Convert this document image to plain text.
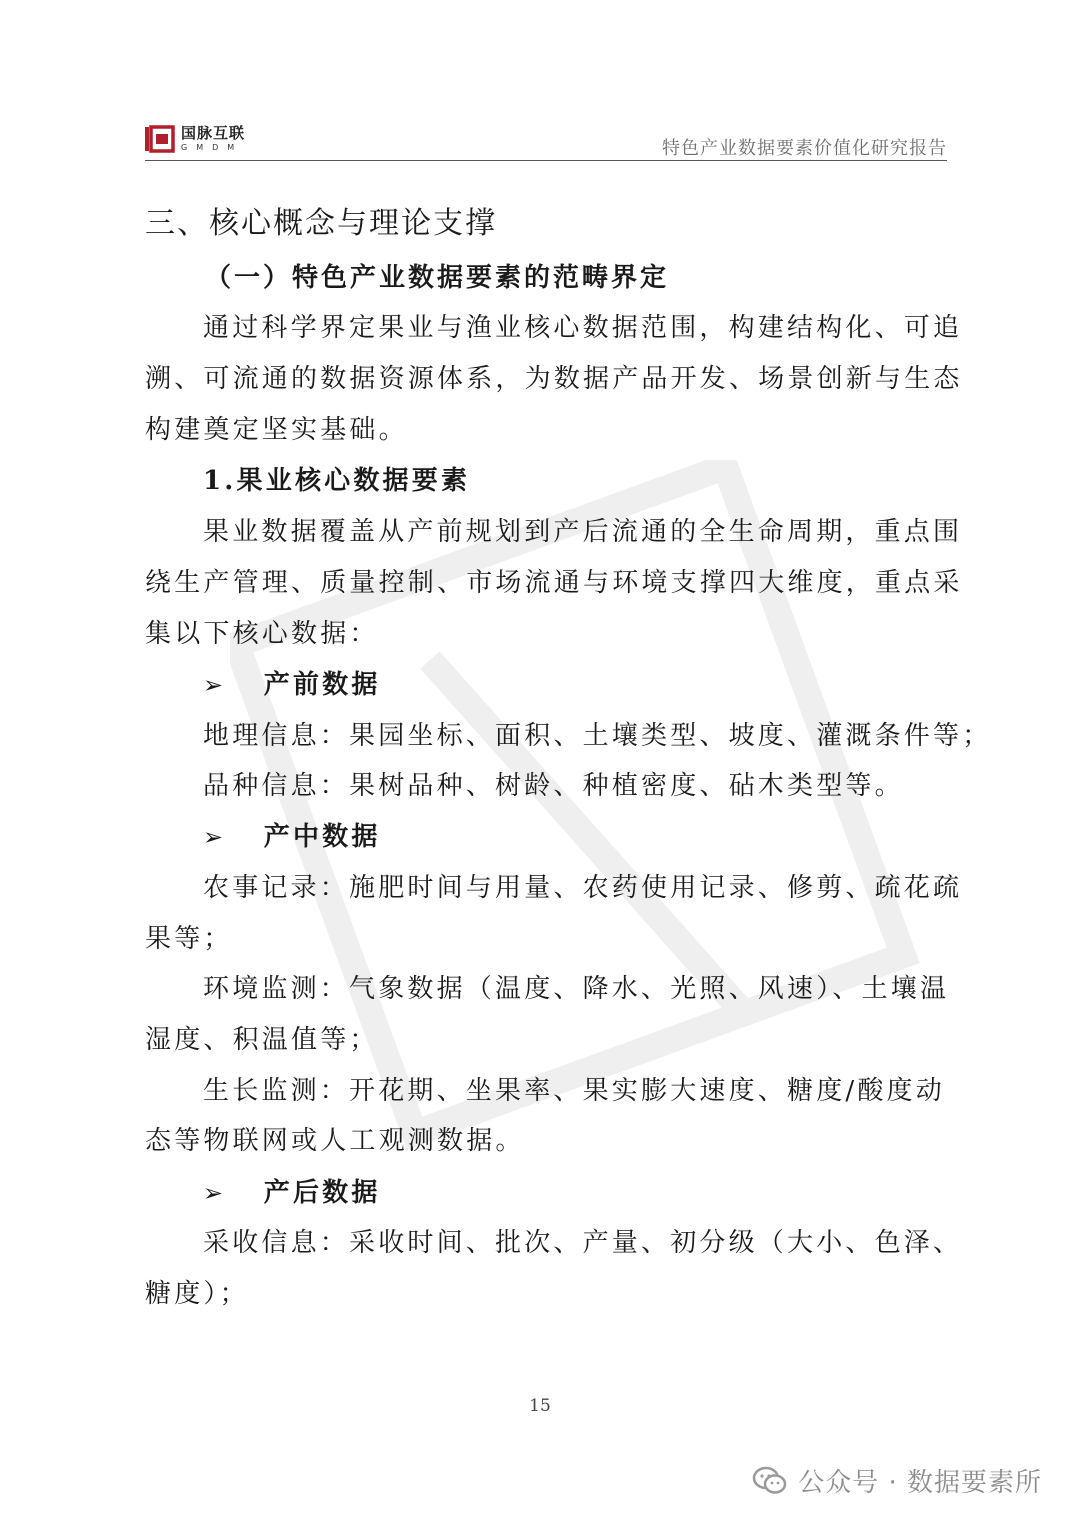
国脉互联
GMDM	特色产业数据要素价值化研究报告
三、核心概念与理论支撑
（一）特色产业数据要素的范畴界定
通过科学界定果业与渔业核心数据范围，构建结构化、可追
溯、可流通的数据资源体系，为数据产品开发、场景创新与生态
构建奠定坚实基础。
1.果业核心数据要素
果业数据覆盖从产前规划到产后流通的全生命周期，重点围
绕生产管理、质量控制、市场流通与环境支撑四大维度，重点采
集以下核心数据：
➢ 产前数据
地理信息：果园坐标、面积、土壤类型、坡度、灌溉条件等；
品种信息：果树品种、树龄、种植密度、砧木类型等。
➢ 产中数据
农事记录：施肥时间与用量、农药使用记录、修剪、疏花疏
果等；
环境监测：气象数据（温度、降水、光照、风速）、土壤温
湿度、积温值等；
生长监测：开花期、坐果率、果实膨大速度、糖度/酸度动
态等物联网或人工观测数据。
➢ 产后数据
采收信息：采收时间、批次、产量、初分级（大小、色泽、
糖度）；
15
公众号 · 数据要素所
